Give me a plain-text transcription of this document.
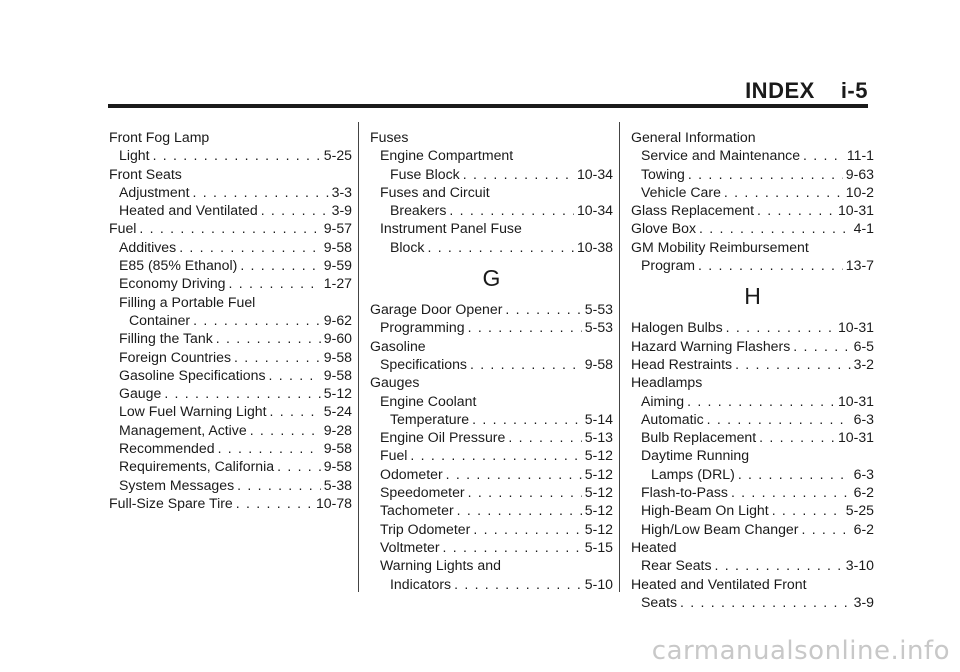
INDEX i-5
Front Fog Lamp
Light . . .	5-25
Front Seats
Adjustment . . .	3-3
Heated and Ventilated . . .	3-9
Fuel . . .	9-57
Additives . . .	9-58
E85 (85% Ethanol) . . .	9-59
Economy Driving . . .	1-27
Filling a Portable Fuel
Container . . .	9-62
Filling the Tank . . .	9-60
Foreign Countries . . .	9-58
Gasoline Specifications . . .	9-58
Gauge . . .	5-12
Low Fuel Warning Light . . .	5-24
Management, Active . . .	9-28
Recommended . . .	9-58
Requirements, California . . .	9-58
System Messages . . .	5-38
Full-Size Spare Tire . . .	10-78
Fuses
Engine Compartment
Fuse Block . . .	10-34
Fuses and Circuit
Breakers . . .	10-34
Instrument Panel Fuse
Block . . .	10-38
G
Garage Door Opener . . .	5-53
Programming . . .	5-53
Gasoline
Specifications . . .	9-58
Gauges
Engine Coolant
Temperature . . .	5-14
Engine Oil Pressure . . .	5-13
Fuel . . .	5-12
Odometer . . .	5-12
Speedometer . . .	5-12
Tachometer . . .	5-12
Trip Odometer . . .	5-12
Voltmeter . . .	5-15
Warning Lights and
Indicators . . .	5-10
General Information
Service and Maintenance . . .	11-1
Towing . . .	9-63
Vehicle Care . . .	10-2
Glass Replacement . . .	10-31
Glove Box . . .	4-1
GM Mobility Reimbursement
Program . . .	13-7
H
Halogen Bulbs . . .	10-31
Hazard Warning Flashers . . .	6-5
Head Restraints . . .	3-2
Headlamps
Aiming . . .	10-31
Automatic . . .	6-3
Bulb Replacement . . .	10-31
Daytime Running
Lamps (DRL) . . .	6-3
Flash-to-Pass . . .	6-2
High-Beam On Light . . .	5-25
High/Low Beam Changer . . .	6-2
Heated
Rear Seats . . .	3-10
Heated and Ventilated Front
Seats . . .	3-9
carmanualsonline.info
